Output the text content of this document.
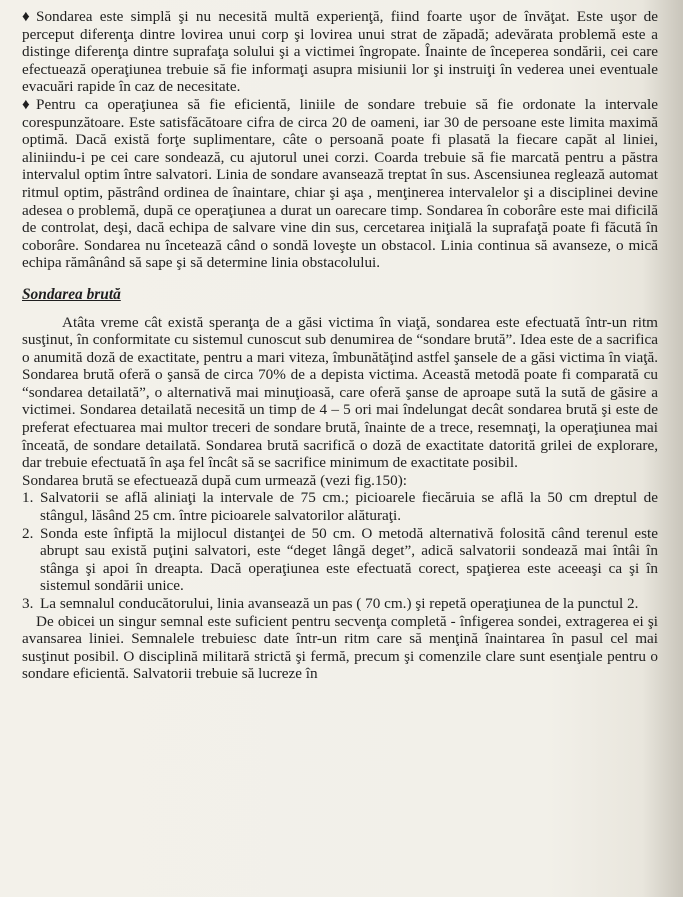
♦ Sondarea este simplă şi nu necesită multă experienţă, fiind foarte uşor de învăţat. Este uşor de perceput diferenţa dintre lovirea unui corp şi lovirea unui strat de zăpadă; adevărata problemă este a distinge diferenţa dintre suprafaţa solului şi a victimei îngropate. Înainte de începerea sondării, cei care efectuează operaţiunea trebuie să fie informaţi asupra misiunii lor şi instruiţi în vederea unei eventuale evacuări rapide în caz de necesitate.

♦ Pentru ca operaţiunea să fie eficientă, liniile de sondare trebuie să fie ordonate la intervale corespunzătoare. Este satisfăcătoare cifra de circa 20 de oameni, iar 30 de persoane este limita maximă optimă. Dacă există forţe suplimentare, câte o persoană poate fi plasată la fiecare capăt al liniei, aliniindu-i pe cei care sondează, cu ajutorul unei corzi. Coarda trebuie să fie marcată pentru a păstra intervalul optim între salvatori. Linia de sondare avansează treptat în sus. Ascensiunea reglează automat ritmul optim, păstrând ordinea de înaintare, chiar şi aşa , menţinerea intervalelor şi a disciplinei devine adesea o problemă, după ce operaţiunea a durat un oarecare timp. Sondarea în coborâre este mai dificilă de controlat, deşi, dacă echipa de salvare vine din sus, cercetarea iniţială la suprafaţă poate fi făcută în coborâre. Sondarea nu încetează când o sondă loveşte un obstacol. Linia continua să avanseze, o mică echipa rămânând să sape şi să determine linia obstacolului.

Sondarea brută

Atâta vreme cât există speranţa de a găsi victima în viaţă, sondarea este efectuată într-un ritm susţinut, în conformitate cu sistemul cunoscut sub denumirea de “sondare brută”. Idea este de a sacrifica o anumită doză de exactitate, pentru a mari viteza, îmbunătăţind astfel şansele de a găsi victima în viaţă. Sondarea brută oferă o şansă de circa 70% de a depista victima. Această metodă poate fi comparată cu “sondarea detailată”, o alternativă mai minuţioasă, care oferă şanse de aproape sută la sută de găsire a victimei. Sondarea detailată necesită un timp de 4 – 5 ori mai îndelungat decât sondarea brută şi este de preferat efectuarea mai multor treceri de sondare brută, înainte de a trece, resemnaţi, la operaţiunea mai înceată, de sondare detailată. Sondarea brută sacrifică o doză de exactitate datorită grilei de explorare, dar trebuie efectuată în aşa fel încât să se sacrifice minimum de exactitate posibil.

Sondarea brută se efectuează după cum urmează (vezi fig.150):

1. Salvatorii se află aliniaţi la intervale de 75 cm.; picioarele fiecăruia se află la 50 cm dreptul de stângul, lăsând 25 cm. între picioarele salvatorilor alăturaţi.
2. Sonda este înfiptă la mijlocul distanţei de 50 cm. O metodă alternativă folosită când terenul este abrupt sau există puţini salvatori, este “deget lângă deget”, adică salvatorii sondează mai întâi în stânga şi apoi în dreapta. Dacă operaţiunea este efectuată corect, spaţierea este aceeaşi ca şi în sistemul sondării unice.
3. La semnalul conducătorului, linia avansează un pas ( 70 cm.) şi repetă operaţiunea de la punctul 2.

De obicei un singur semnal este suficient pentru secvenţa completă - înfigerea sondei, extragerea ei şi avansarea liniei. Semnalele trebuiesc date într-un ritm care să menţină înaintarea în pasul cel mai susţinut posibil. O disciplină militară strictă şi fermă, precum şi comenzile clare sunt esenţiale pentru o sondare eficientă. Salvatorii trebuie să lucreze în
